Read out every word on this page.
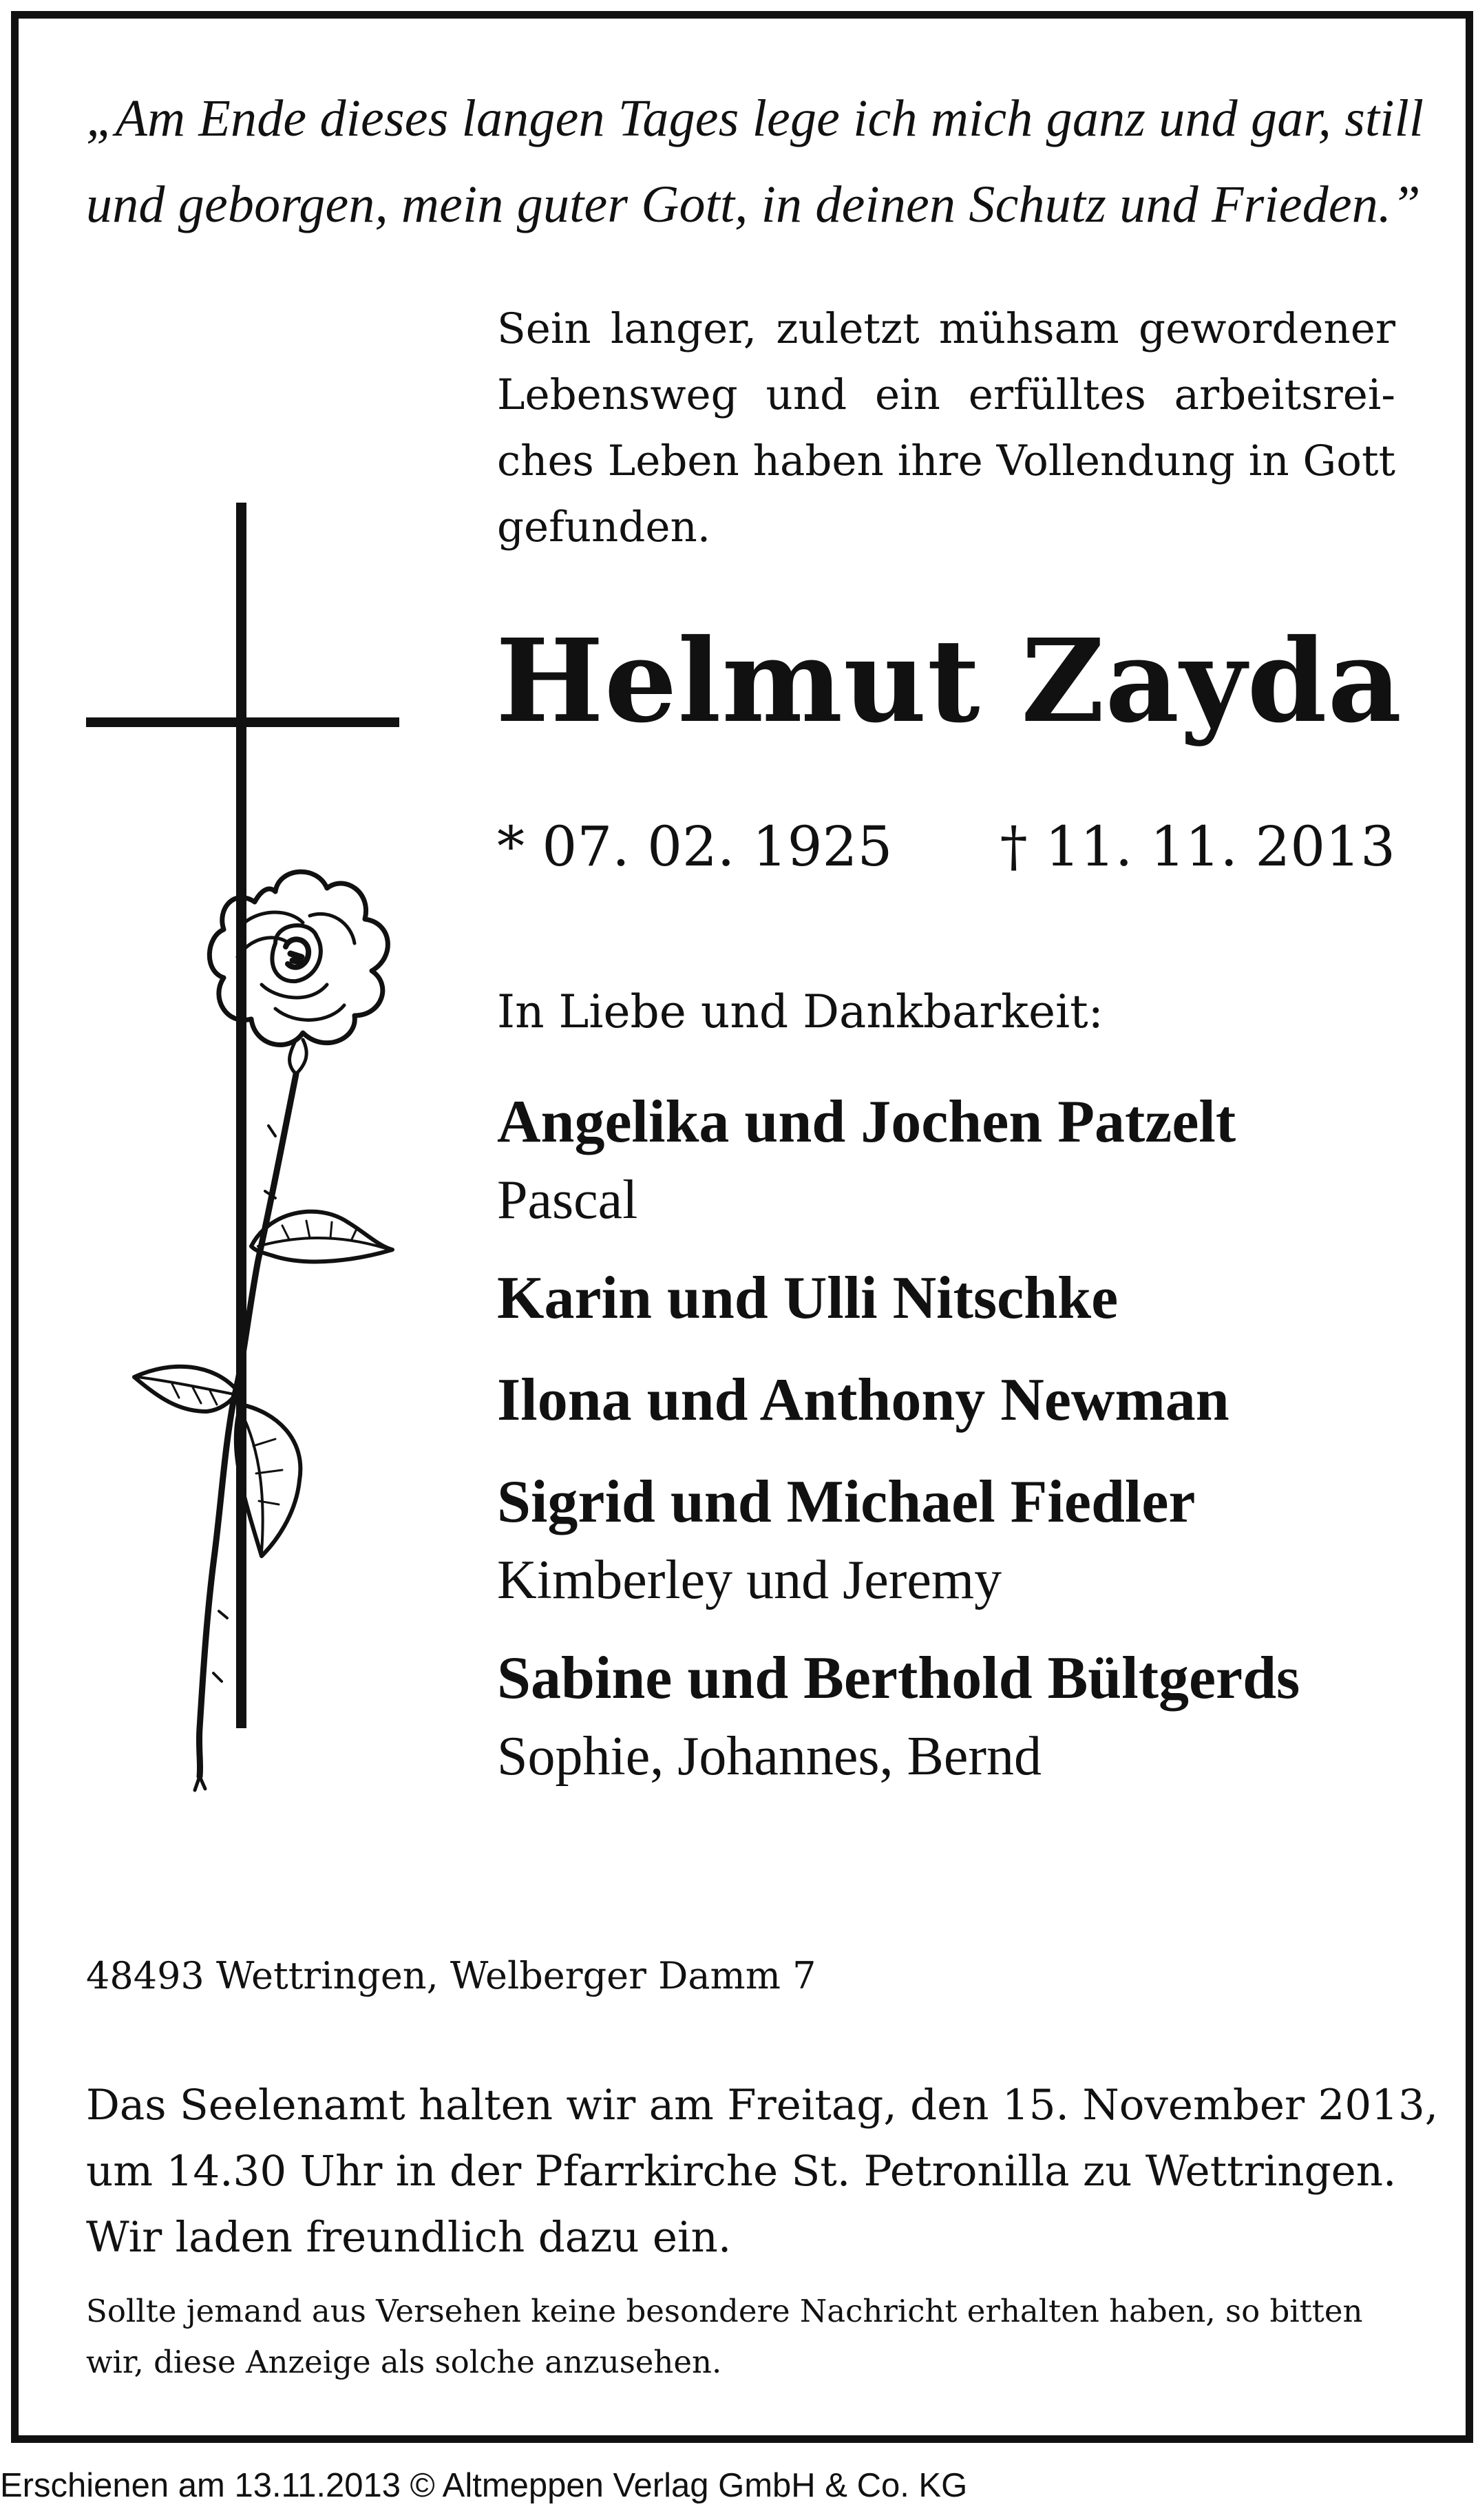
„Am Ende dieses langen Tages lege ich mich ganz und gar, still
und geborgen, mein guter Gott, in deinen Schutz und Frieden.”
Sein langer, zuletzt mühsam gewordener
Lebensweg und ein erfülltes arbeitsrei-
ches Leben haben ihre Vollendung in Gott
gefunden.
Helmut Zayda
* 07. 02. 1925 † 11. 11. 2013
In Liebe und Dankbarkeit:
Angelika und Jochen Patzelt
Pascal
Karin und Ulli Nitschke
Ilona und Anthony Newman
Sigrid und Michael Fiedler
Kimberley und Jeremy
Sabine und Berthold Bültgerds
Sophie, Johannes, Bernd
48493 Wettringen, Welberger Damm 7
Das Seelenamt halten wir am Freitag, den 15. November 2013,
um 14.30 Uhr in der Pfarrkirche St. Petronilla zu Wettringen.
Wir laden freundlich dazu ein.
Sollte jemand aus Versehen keine besondere Nachricht erhalten haben, so bitten
wir, diese Anzeige als solche anzusehen.
Erschienen am 13.11.2013 © Altmeppen Verlag GmbH & Co. KG
